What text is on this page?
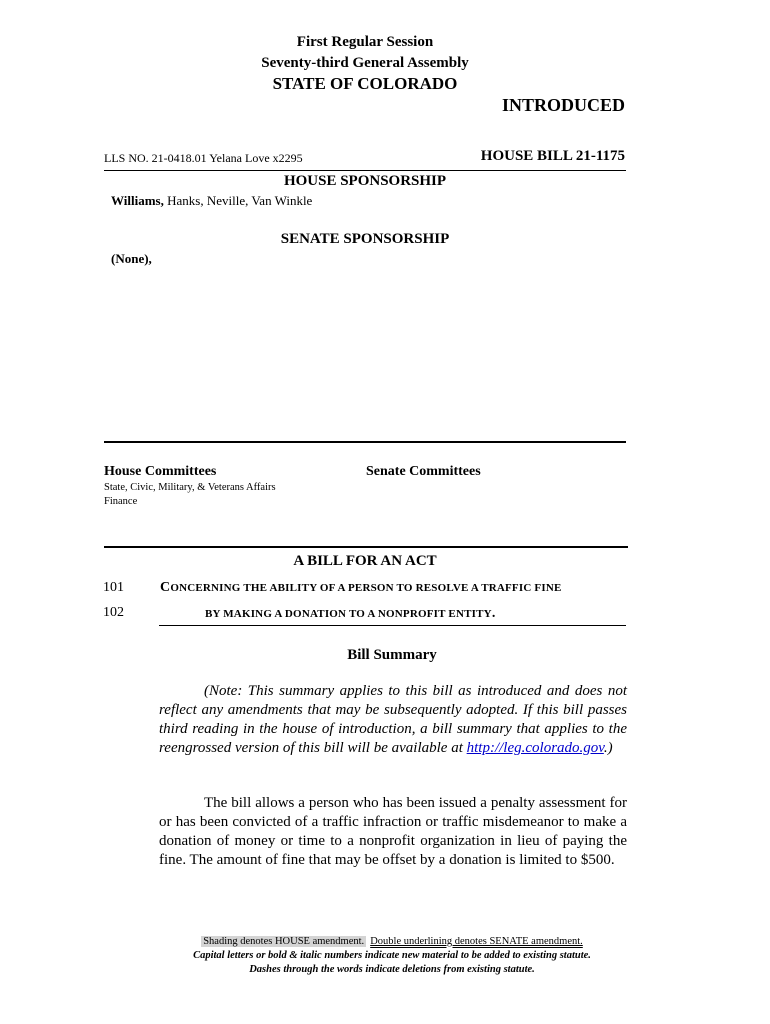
First Regular Session
Seventy-third General Assembly
STATE OF COLORADO
INTRODUCED
LLS NO. 21-0418.01 Yelana Love x2295	HOUSE BILL 21-1175
HOUSE SPONSORSHIP
Williams, Hanks, Neville, Van Winkle
SENATE SPONSORSHIP
(None),
House Committees
State, Civic, Military, & Veterans Affairs
Finance
Senate Committees
A BILL FOR AN ACT
101
102
CONCERNING THE ABILITY OF A PERSON TO RESOLVE A TRAFFIC FINE
BY MAKING A DONATION TO A NONPROFIT ENTITY.
Bill Summary
(Note: This summary applies to this bill as introduced and does not reflect any amendments that may be subsequently adopted. If this bill passes third reading in the house of introduction, a bill summary that applies to the reengrossed version of this bill will be available at http://leg.colorado.gov.)
The bill allows a person who has been issued a penalty assessment for or has been convicted of a traffic infraction or traffic misdemeanor to make a donation of money or time to a nonprofit organization in lieu of paying the fine. The amount of fine that may be offset by a donation is limited to $500.
Shading denotes HOUSE amendment. Double underlining denotes SENATE amendment.
Capital letters or bold & italic numbers indicate new material to be added to existing statute.
Dashes through the words indicate deletions from existing statute.
